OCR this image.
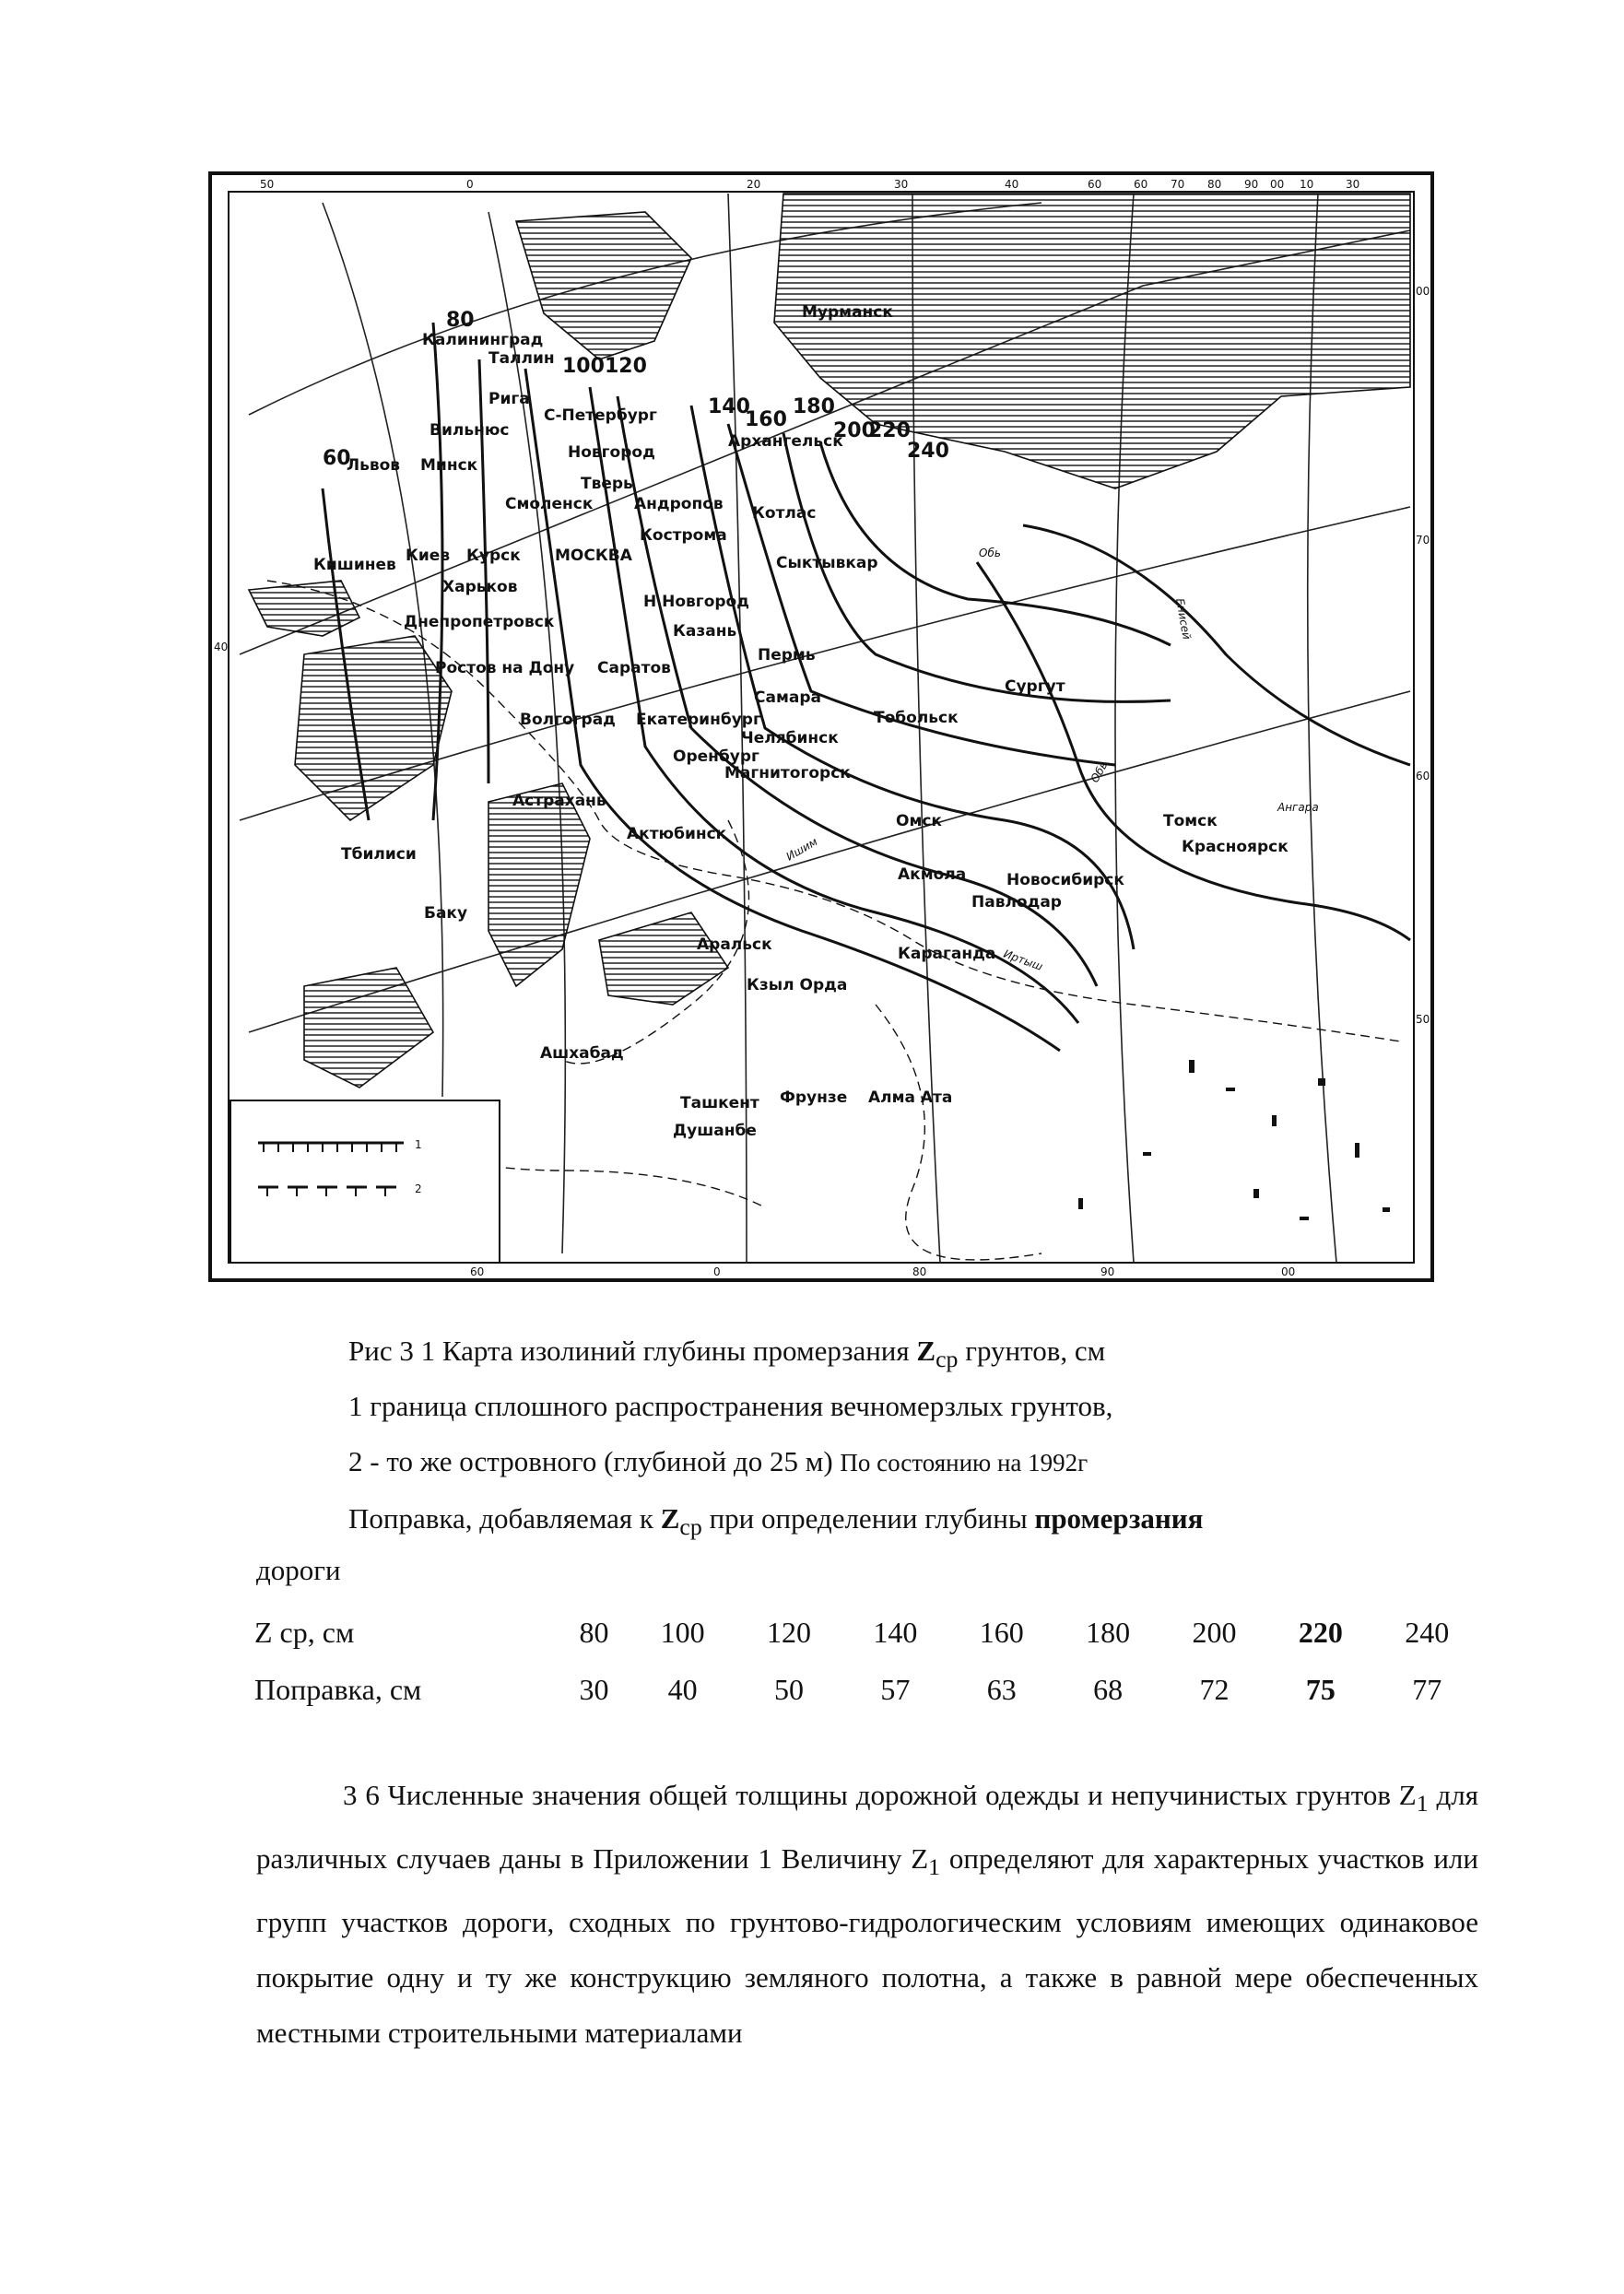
50	0	20	30	40	60	60 70 80 90 00 10	30
60	0	80	90	00
00
70
60
50
40
60
80
100 120
140
160
180
200
220
240
Мурманск
Калининград
Таллин
Рига
С-Петербург
Вильнюс
Новгород
Архангельск
Львов Минск
Тверь
Смоленск	Андропов Котлас
Кострома
Кишинев Киев Курск МОСКВА	Сыктывкар
Харьков
Н Новгород
Днепропетровск	Казань
Ростов на Дону Саратов
Пермь
Сургут
Самара
Тобольск
Волгоград Екатеринбург
Челябинск
Оренбург
Магнитогорск
Астрахань
Омск	Томск
Тбилиси
Актюбинск
Красноярск
Акмола	Новосибирск
Баку
Павлодар
Аральск	Караганда
Кзыл Орда
Ашхабад
Фрунзе Алма Ата
Ташкент
Душанбе
Обь
Енисей
Обь
Ангара
Иртыш
Ишим
1
2
Рис 3 1 Карта изолиний глубины промерзания $Z_{ср}$ грунтов, см
1 граница сплошного распространения вечномерзлых грунтов,
2 - то же островного (глубиной до 25 м) По состоянию на 1992г
Поправка, добавляемая к $Z_{ср}$ при определении глубины промерзания
дороги
Z ср, см	80	100	120	140	160	180	200	220	240
Поправка, см	30	40	50	57	63	68	72	75	77
3 6 Численные значения общей толщины дорожной одежды и непучинистых грунтов $Z_1$ для различных случаев даны в Приложении 1 Величину $Z_1$ определяют для характерных участков или групп участков дороги, сходных по грунтово-гидрологическим условиям имеющих одинаковое покрытие одну и ту же конструкцию земляного полотна, а также в равной мере обеспеченных местными строительными материалами
